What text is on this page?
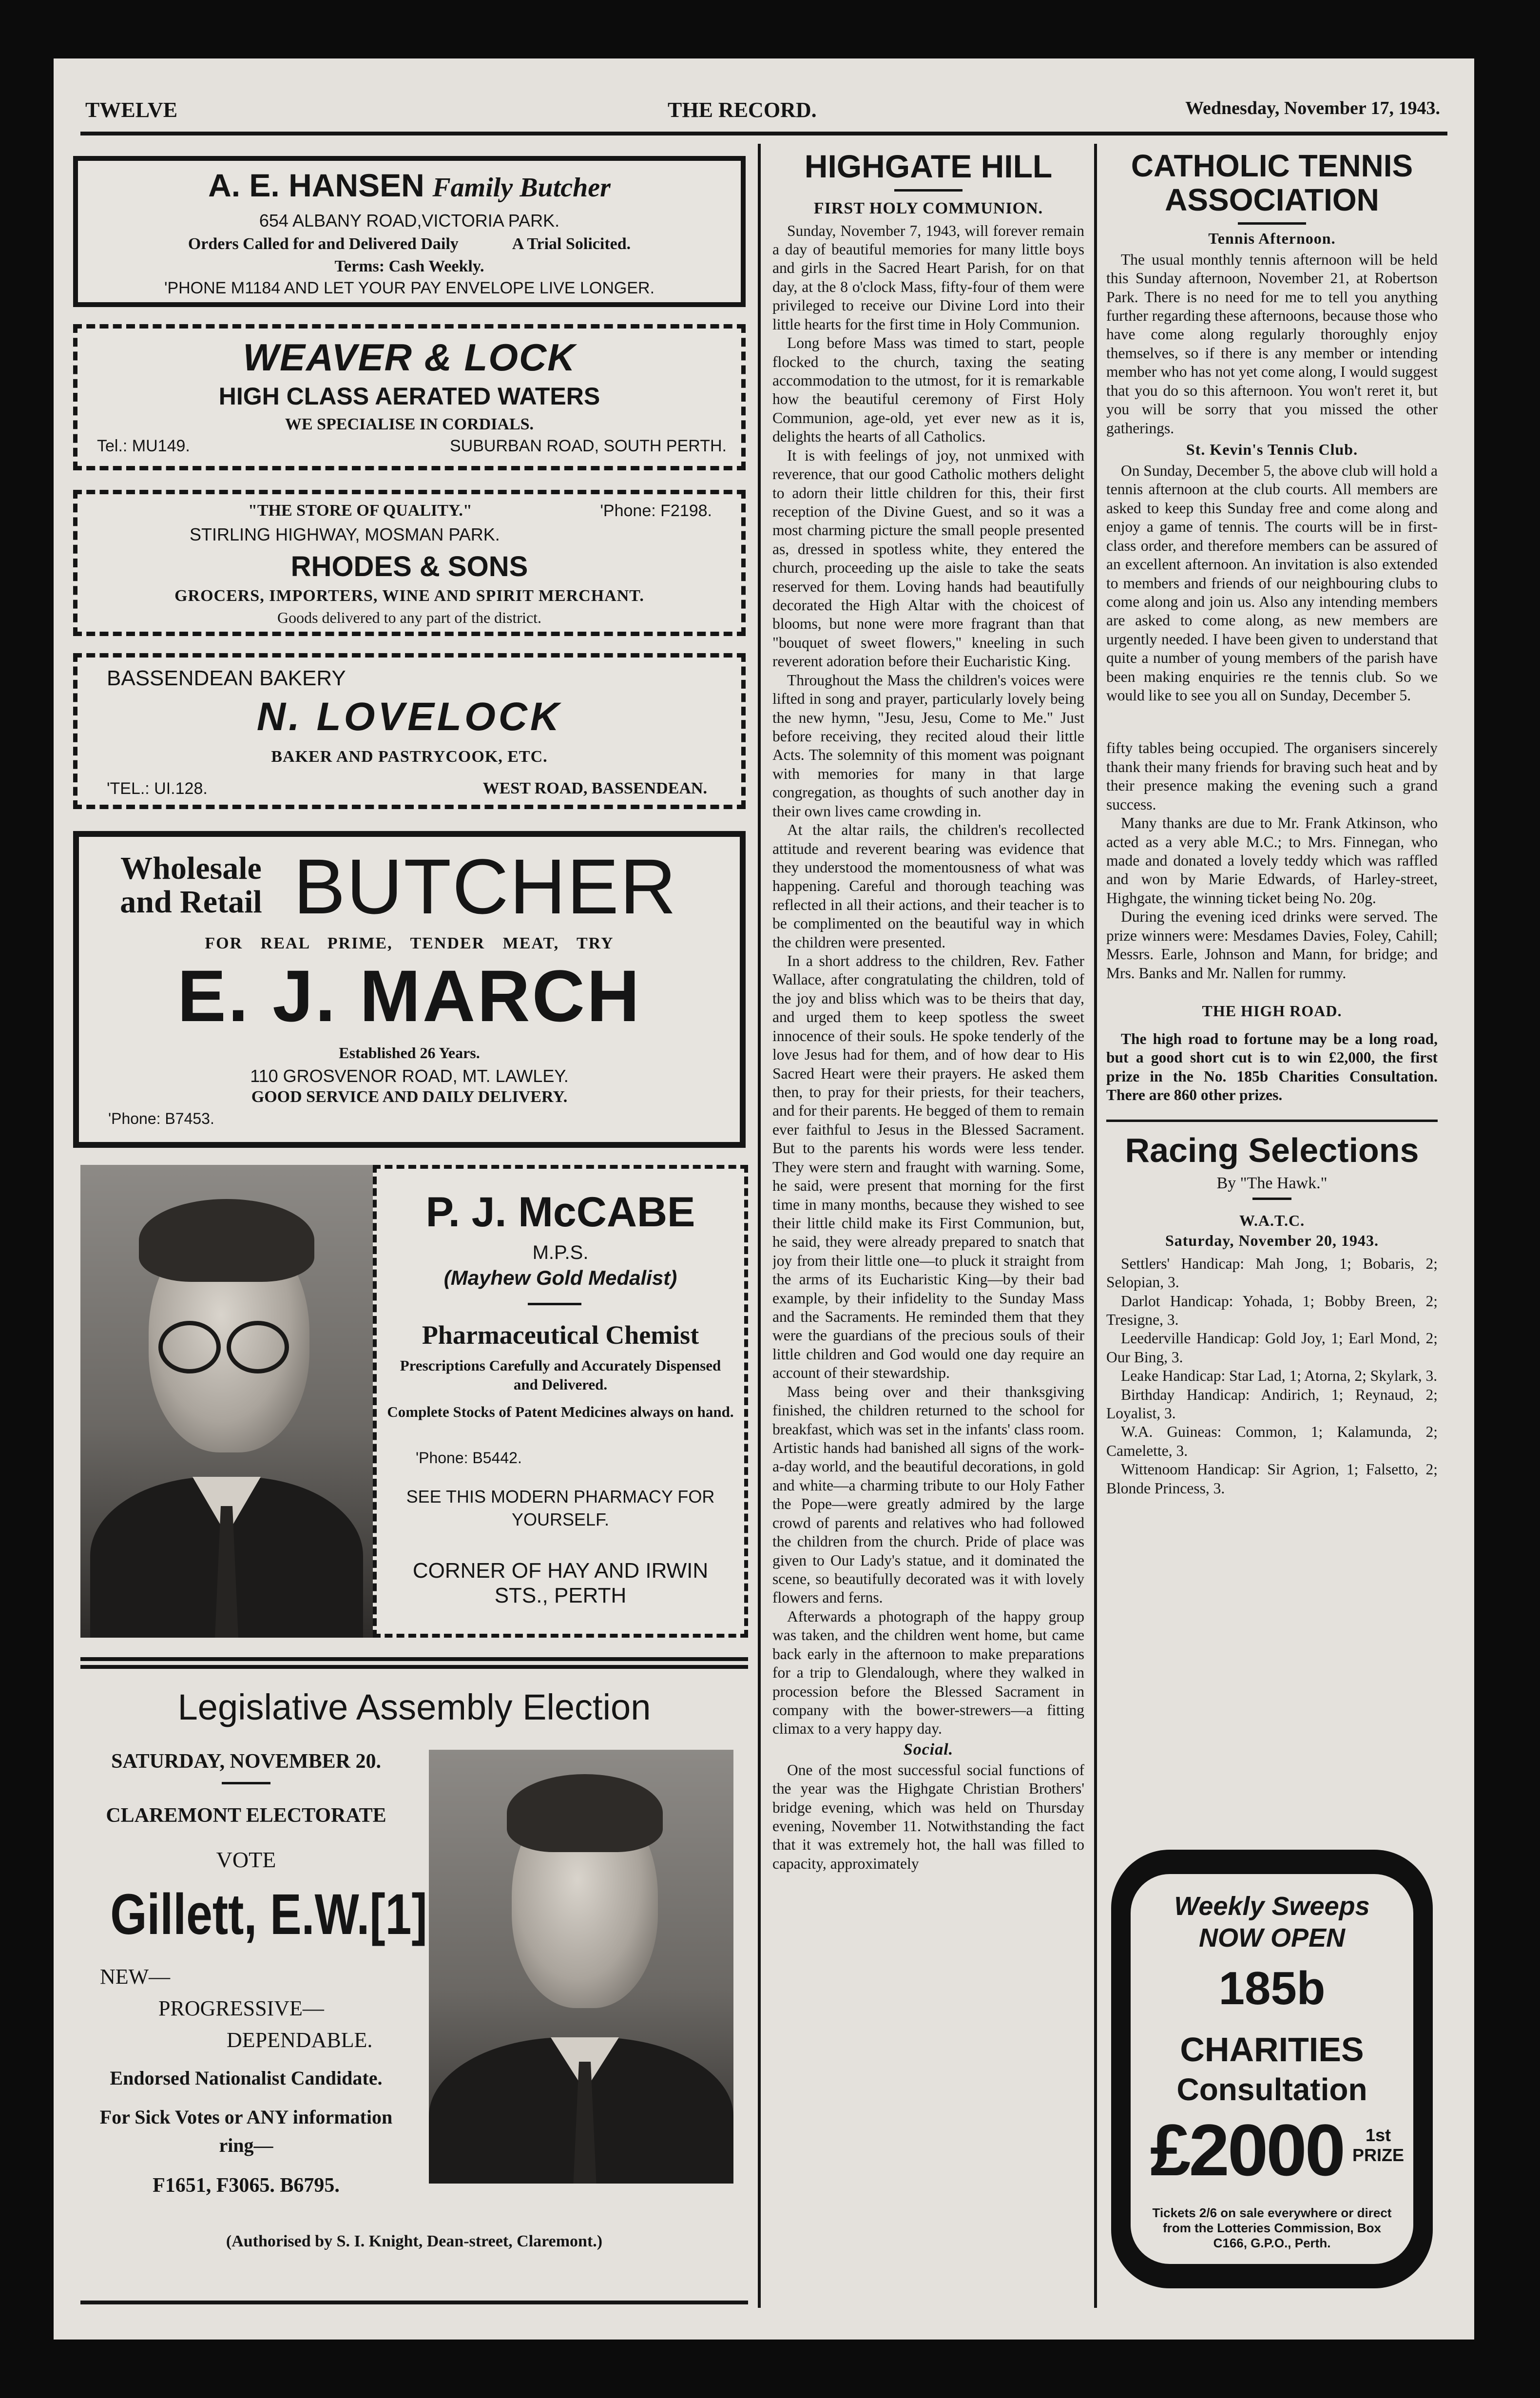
TWELVE	THE RECORD.	Wednesday, November 17, 1943.
A. E. HANSEN Family Butcher
654 ALBANY ROAD,VICTORIA PARK.
Orders Called for and Delivered Daily	A Trial Solicited.
Terms: Cash Weekly.
'PHONE M1184 AND LET YOUR PAY ENVELOPE LIVE LONGER.
WEAVER & LOCK
HIGH CLASS AERATED WATERS
WE SPECIALISE IN CORDIALS.
Tel.: MU149.	SUBURBAN ROAD, SOUTH PERTH.
"THE STORE OF QUALITY."	'Phone: F2198.
STIRLING HIGHWAY, MOSMAN PARK.
RHODES & SONS
GROCERS, IMPORTERS, WINE AND SPIRIT MERCHANT.
Goods delivered to any part of the district.
BASSENDEAN BAKERY
N. LOVELOCK
BAKER AND PASTRYCOOK, ETC.
'TEL.: UI.128.	WEST ROAD, BASSENDEAN.
Wholesale
and Retail BUTCHER
FOR REAL PRIME, TENDER MEAT, TRY
E. J. MARCH
Established 26 Years.
110 GROSVENOR ROAD, MT. LAWLEY.
GOOD SERVICE AND DAILY DELIVERY.
'Phone: B7453.
P. J. McCABE
M.P.S.
(Mayhew Gold Medalist)
Pharmaceutical Chemist
Prescriptions Carefully and Accurately Dispensed and Delivered.
Complete Stocks of Patent Medicines always on hand.
'Phone: B5442.
SEE THIS MODERN PHARMACY FOR YOURSELF.
CORNER OF HAY AND IRWIN STS., PERTH
Legislative Assembly Election
SATURDAY, NOVEMBER 20.
CLAREMONT ELECTORATE
VOTE
Gillett, E.W.[1]
NEW—
PROGRESSIVE—
DEPENDABLE.
Endorsed Nationalist Candidate.
For Sick Votes or ANY information ring—
F1651, F3065. B6795.
(Authorised by S. I. Knight, Dean-street, Claremont.)
HIGHGATE HILL
FIRST HOLY COMMUNION.

Sunday, November 7, 1943, will forever remain a day of beautiful memories for many little boys and girls in the Sacred Heart Parish, for on that day, at the 8 o'clock Mass, fifty-four of them were privileged to receive our Divine Lord into their little hearts for the first time in Holy Communion.

Long before Mass was timed to start, people flocked to the church, taxing the seating accommodation to the utmost, for it is remarkable how the beautiful ceremony of First Holy Communion, age-old, yet ever new as it is, delights the hearts of all Catholics.

It is with feelings of joy, not unmixed with reverence, that our good Catholic mothers delight to adorn their little children for this, their first reception of the Divine Guest, and so it was a most charming picture the small people presented as, dressed in spotless white, they entered the church, proceeding up the aisle to take the seats reserved for them. Loving hands had beautifully decorated the High Altar with the choicest of blooms, but none were more fragrant than that "bouquet of sweet flowers," kneeling in such reverent adoration before their Eucharistic King.

Throughout the Mass the children's voices were lifted in song and prayer, particularly lovely being the new hymn, "Jesu, Jesu, Come to Me." Just before receiving, they recited aloud their little Acts. The solemnity of this moment was poignant with memories for many in that large congregation, as thoughts of such another day in their own lives came crowding in.

At the altar rails, the children's recollected attitude and reverent bearing was evidence that they understood the momentousness of what was happening. Careful and thorough teaching was reflected in all their actions, and their teacher is to be complimented on the beautiful way in which the children were presented.

In a short address to the children, Rev. Father Wallace, after congratulating the children, told of the joy and bliss which was to be theirs that day, and urged them to keep spotless the sweet innocence of their souls. He spoke tenderly of the love Jesus had for them, and of how dear to His Sacred Heart were their prayers. He asked them then, to pray for their priests, for their teachers, and for their parents. He begged of them to remain ever faithful to Jesus in the Blessed Sacrament. But to the parents his words were less tender. They were stern and fraught with warning. Some, he said, were present that morning for the first time in many months, because they wished to see their little child make its First Communion, but, he said, they were already prepared to snatch that joy from their little one—to pluck it straight from the arms of its Eucharistic King—by their bad example, by their infidelity to the Sunday Mass and the Sacraments. He reminded them that they were the guardians of the precious souls of their little children and God would one day require an account of their stewardship.

Mass being over and their thanksgiving finished, the children returned to the school for breakfast, which was set in the infants' class room. Artistic hands had banished all signs of the work-a-day world, and the beautiful decorations, in gold and white—a charming tribute to our Holy Father the Pope—were greatly admired by the large crowd of parents and relatives who had followed the children from the church. Pride of place was given to Our Lady's statue, and it dominated the scene, so beautifully decorated was it with lovely flowers and ferns.

Afterwards a photograph of the happy group was taken, and the children went home, but came back early in the afternoon to make preparations for a trip to Glendalough, where they walked in procession before the Blessed Sacrament in company with the bower-strewers—a fitting climax to a very happy day.

Social.

One of the most successful social functions of the year was the Highgate Christian Brothers' bridge evening, which was held on Thursday evening, November 11. Notwithstanding the fact that it was extremely hot, the hall was filled to capacity, approximately

CATHOLIC TENNIS ASSOCIATION
Tennis Afternoon.

The usual monthly tennis afternoon will be held this Sunday afternoon, November 21, at Robertson Park. There is no need for me to tell you anything further regarding these afternoons, because those who have come along regularly thoroughly enjoy themselves, so if there is any member or intending member who has not yet come along, I would suggest that you do so this afternoon. You won't reret it, but you will be sorry that you missed the other gatherings.

St. Kevin's Tennis Club.

On Sunday, December 5, the above club will hold a tennis afternoon at the club courts. All members are asked to keep this Sunday free and come along and enjoy a game of tennis. The courts will be in first-class order, and therefore members can be assured of an excellent afternoon. An invitation is also extended to members and friends of our neighbouring clubs to come along and join us. Also any intending members are asked to come along, as new members are urgently needed. I have been given to understand that quite a number of young members of the parish have been making enquiries re the tennis club. So we would like to see you all on Sunday, December 5.

fifty tables being occupied. The organisers sincerely thank their many friends for braving such heat and by their presence making the evening such a grand success.

Many thanks are due to Mr. Frank Atkinson, who acted as a very able M.C.; to Mrs. Finnegan, who made and donated a lovely teddy which was raffled and won by Marie Edwards, of Harley-street, Highgate, the winning ticket being No. 20g.

During the evening iced drinks were served. The prize winners were: Mesdames Davies, Foley, Cahill; Messrs. Earle, Johnson and Mann, for bridge; and Mrs. Banks and Mr. Nallen for rummy.

THE HIGH ROAD.

The high road to fortune may be a long road, but a good short cut is to win £2,000, the first prize in the No. 185b Charities Consultation. There are 860 other prizes.

Racing Selections
By "The Hawk."
W.A.T.C.
Saturday, November 20, 1943.

Settlers' Handicap: Mah Jong, 1; Bobaris, 2; Selopian, 3.

Darlot Handicap: Yohada, 1; Bobby Breen, 2; Tresigne, 3.

Leederville Handicap: Gold Joy, 1; Earl Mond, 2; Our Bing, 3.

Leake Handicap: Star Lad, 1; Atorna, 2; Skylark, 3.

Birthday Handicap: Andirich, 1; Reynaud, 2; Loyalist, 3.

W.A. Guineas: Common, 1; Kalamunda, 2; Camelette, 3.

Wittenoom Handicap: Sir Agrion, 1; Falsetto, 2; Blonde Princess, 3.

Weekly Sweeps
NOW OPEN
185b
CHARITIES
Consultation
£2000	1st
PRIZE
Tickets 2/6 on sale everywhere or direct from the Lotteries Commission, Box C166, G.P.O., Perth.
